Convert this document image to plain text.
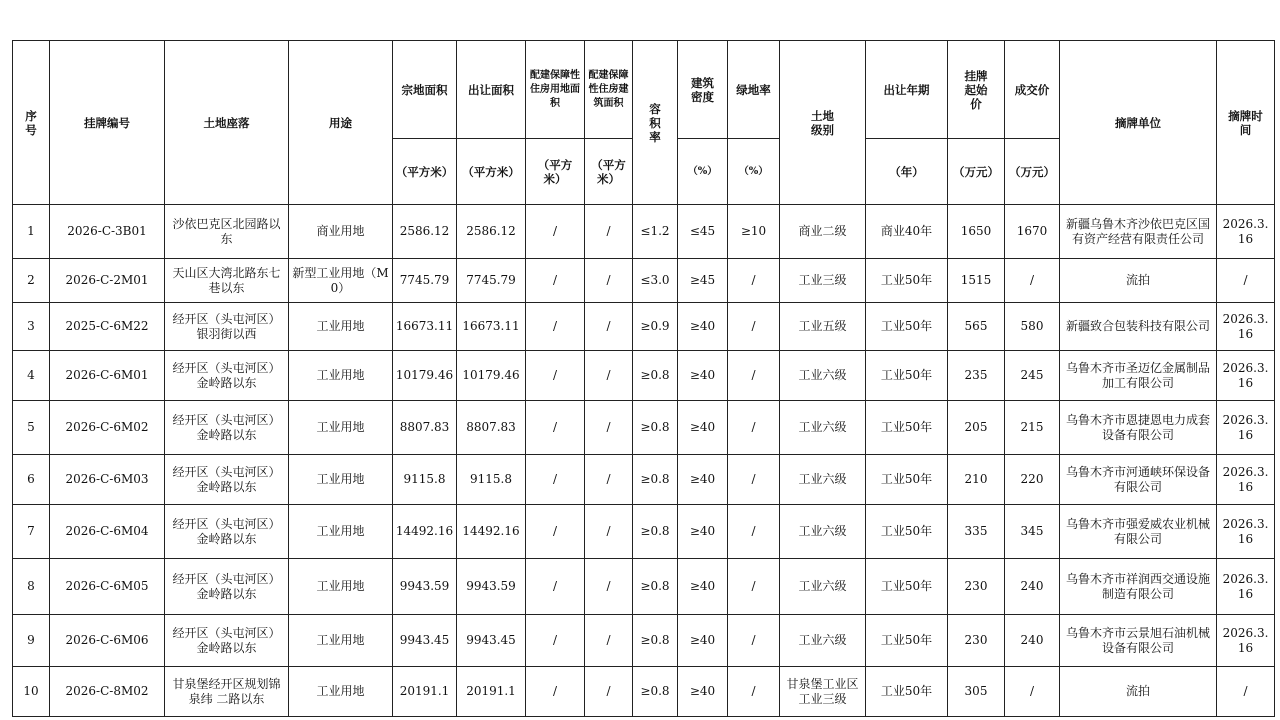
序号	挂牌编号	土地座落	用途	宗地面积	出让面积	配建保障性住房用地面积	配建保障性住房建筑面积	容积率	建筑密度	绿地率	土地级别	出让年期	挂牌起始价	成交价	摘牌单位	摘牌时间
				（平方米）	（平方米）	（平方米）	（平方米）		（%）	（%）		（年）	（万元）	（万元）		
1	2026-C-3B01	沙依巴克区北园路以东	商业用地	2586.12	2586.12	/	/	≤1.2	≤45	≥10	商业二级	商业40年	1650	1670	新疆乌鲁木齐沙依巴克区国有资产经营有限责任公司	2026.3.16
2	2026-C-2M01	天山区大湾北路东七巷以东	新型工业用地（M0）	7745.79	7745.79	/	/	≤3.0	≥45	/	工业三级	工业50年	1515	/	流拍	/
3	2025-C-6M22	经开区（头屯河区）银羽街以西	工业用地	16673.11	16673.11	/	/	≥0.9	≥40	/	工业五级	工业50年	565	580	新疆致合包装科技有限公司	2026.3.16
4	2026-C-6M01	经开区（头屯河区）金岭路以东	工业用地	10179.46	10179.46	/	/	≥0.8	≥40	/	工业六级	工业50年	235	245	乌鲁木齐市圣迈亿金属制品加工有限公司	2026.3.16
5	2026-C-6M02	经开区（头屯河区）金岭路以东	工业用地	8807.83	8807.83	/	/	≥0.8	≥40	/	工业六级	工业50年	205	215	乌鲁木齐市恩捷恩电力成套设备有限公司	2026.3.16
6	2026-C-6M03	经开区（头屯河区）金岭路以东	工业用地	9115.8	9115.8	/	/	≥0.8	≥40	/	工业六级	工业50年	210	220	乌鲁木齐市河通峡环保设备有限公司	2026.3.16
7	2026-C-6M04	经开区（头屯河区）金岭路以东	工业用地	14492.16	14492.16	/	/	≥0.8	≥40	/	工业六级	工业50年	335	345	乌鲁木齐市强爱威农业机械有限公司	2026.3.16
8	2026-C-6M05	经开区（头屯河区）金岭路以东	工业用地	9943.59	9943.59	/	/	≥0.8	≥40	/	工业六级	工业50年	230	240	乌鲁木齐市祥润西交通设施制造有限公司	2026.3.16
9	2026-C-6M06	经开区（头屯河区）金岭路以东	工业用地	9943.45	9943.45	/	/	≥0.8	≥40	/	工业六级	工业50年	230	240	乌鲁木齐市云景旭石油机械设备有限公司	2026.3.16
10	2026-C-8M02	甘泉堡经开区规划锦泉纬 二路以东	工业用地	20191.1	20191.1	/	/	≥0.8	≥40	/	甘泉堡工业区工业三级	工业50年	305	/	流拍	/
